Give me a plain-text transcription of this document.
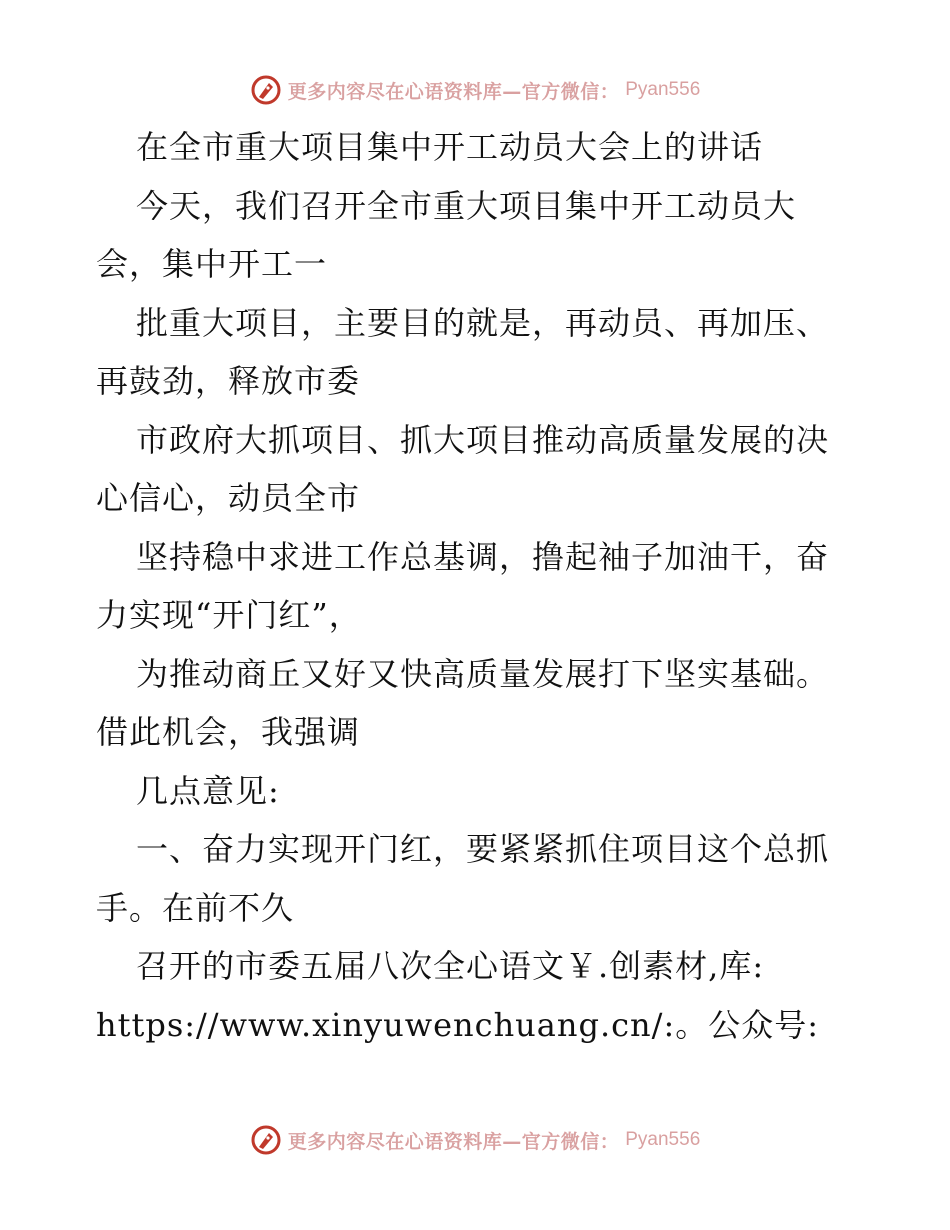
更多内容尽在心语资料库—官方微信： Pyan556
在全市重大项目集中开工动员大会上的讲话
今天，我们召开全市重大项目集中开工动员大
会，集中开工一
批重大项目，主要目的就是，再动员、再加压、
再鼓劲，释放市委
市政府大抓项目、抓大项目推动高质量发展的决
心信心，动员全市
坚持稳中求进工作总基调，撸起袖子加油干，奋
力实现“开门红”，
为推动商丘又好又快高质量发展打下坚实基础。
借此机会，我强调
几点意见:
一、奋力实现开门红，要紧紧抓住项目这个总抓
手。在前不久
召开的市委五届八次全心语文￥.创素材,库:
https://www.xinyuwenchuang.cn/:。公众号:
更多内容尽在心语资料库—官方微信： Pyan556
